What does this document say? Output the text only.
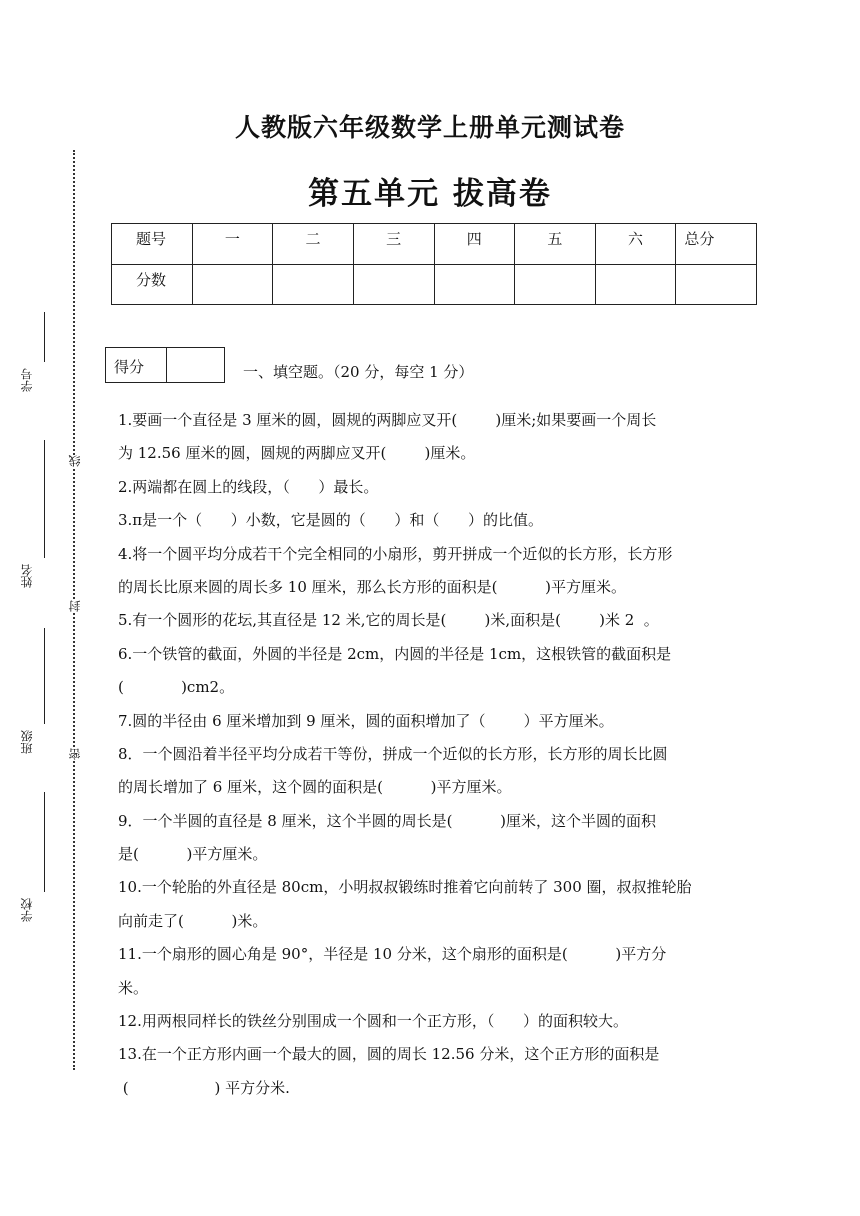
学号
姓名
班级
学校
线
封
密
人教版六年级数学上册单元测试卷
第五单元 拔高卷
题号	一	二	三	四	五	六	总分
分数							
得分		一、填空题。（20 分，每空 1 分）
1.要画一个直径是 3 厘米的圆，圆规的两脚应叉开(        )厘米;如果要画一个周长
为 12.56 厘米的圆，圆规的两脚应叉开(        )厘米。
2.两端都在圆上的线段，（      ）最长。
3.π是一个（      ）小数，它是圆的（      ）和（      ）的比值。
4.将一个圆平均分成若干个完全相同的小扇形，剪开拼成一个近似的长方形，长方形
的周长比原来圆的周长多 10 厘米，那么长方形的面积是(          )平方厘米。
5.有一个圆形的花坛,其直径是 12 米,它的周长是(        )米,面积是(        )米 2  。
6.一个铁管的截面，外圆的半径是 2cm，内圆的半径是 1cm，这根铁管的截面积是
(            )cm2。
7.圆的半径由 6 厘米增加到 9 厘米，圆的面积增加了（        ）平方厘米。
8．一个圆沿着半径平均分成若干等份，拼成一个近似的长方形，长方形的周长比圆
的周长增加了 6 厘米，这个圆的面积是(          )平方厘米。
9．一个半圆的直径是 8 厘米，这个半圆的周长是(          )厘米，这个半圆的面积
是(          )平方厘米。
10.一个轮胎的外直径是 80cm，小明叔叔锻练时推着它向前转了 300 圈，叔叔推轮胎
向前走了(          )米。
11.一个扇形的圆心角是 90°，半径是 10 分米，这个扇形的面积是(          )平方分
米。
12.用两根同样长的铁丝分别围成一个圆和一个正方形，（      ）的面积较大。
13.在一个正方形内画一个最大的圆，圆的周长 12.56 分米，这个正方形的面积是
(                  ) 平方分米.
